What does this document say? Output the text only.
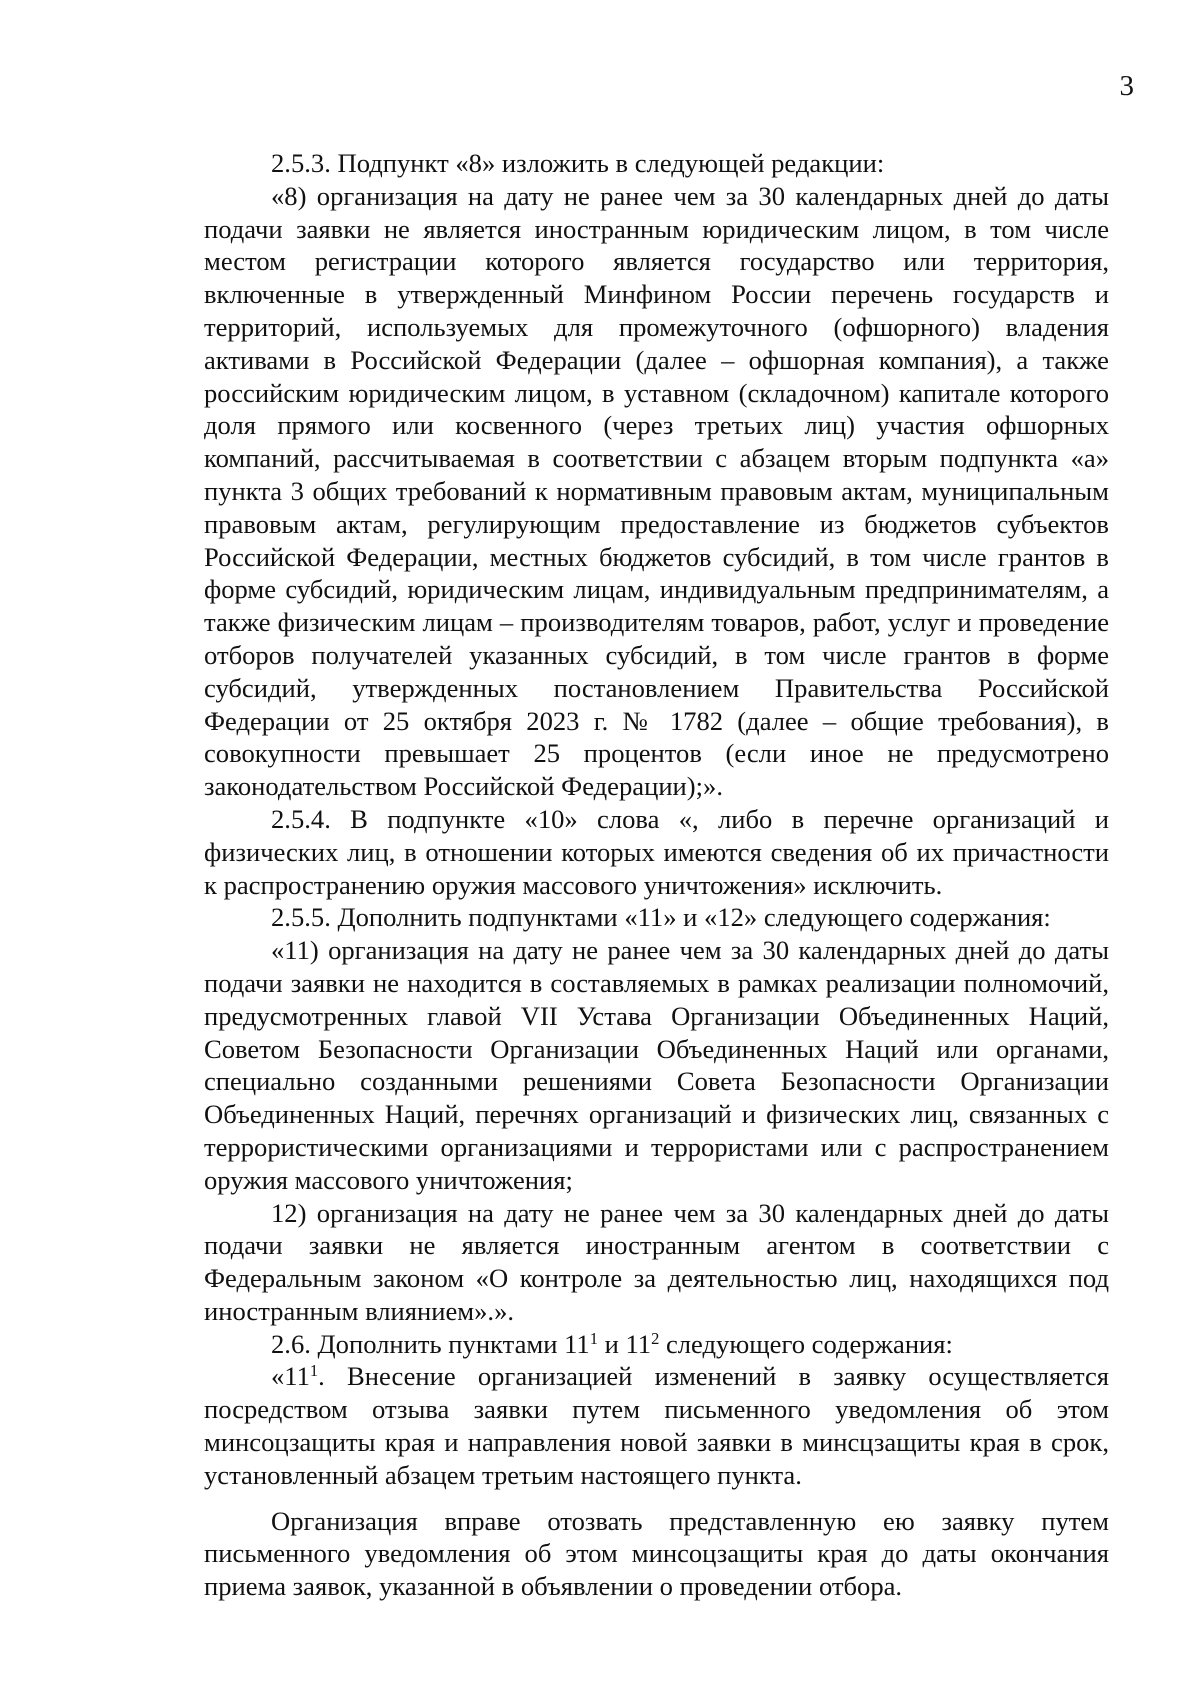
3

2.5.3. Подпункт «8» изложить в следующей редакции:

«8) организация на дату не ранее чем за 30 календарных дней до даты подачи заявки не является иностранным юридическим лицом, в том числе местом регистрации которого является государство или территория, включенные в утвержденный Минфином России перечень государств и территорий, используемых для промежуточного (офшорного) владения активами в Российской Федерации (далее – офшорная компания), а также российским юридическим лицом, в уставном (складочном) капитале которого доля прямого или косвенного (через третьих лиц) участия офшорных компаний, рассчитываемая в соответствии с абзацем вторым подпункта «а» пункта 3 общих требований к нормативным правовым актам, муниципальным правовым актам, регулирующим предоставление из бюджетов субъектов Российской Федерации, местных бюджетов субсидий, в том числе грантов в форме субсидий, юридическим лицам, индивидуальным предпринимателям, а также физическим лицам – производителям товаров, работ, услуг и проведение отборов получателей указанных субсидий, в том числе грантов в форме субсидий, утвержденных постановлением Правительства Российской Федерации от 25 октября 2023 г. № 1782 (далее – общие требования), в совокупности превышает 25 процентов (если иное не предусмотрено законодательством Российской Федерации);».

2.5.4. В подпункте «10» слова «, либо в перечне организаций и физических лиц, в отношении которых имеются сведения об их причастности к распространению оружия массового уничтожения» исключить.

2.5.5. Дополнить подпунктами «11» и «12» следующего содержания:

«11) организация на дату не ранее чем за 30 календарных дней до даты подачи заявки не находится в составляемых в рамках реализации полномочий, предусмотренных главой VII Устава Организации Объединенных Наций, Советом Безопасности Организации Объединенных Наций или органами, специально созданными решениями Совета Безопасности Организации Объединенных Наций, перечнях организаций и физических лиц, связанных с террористическими организациями и террористами или с распространением оружия массового уничтожения;

12) организация на дату не ранее чем за 30 календарных дней до даты подачи заявки не является иностранным агентом в соответствии с Федеральным законом «О контроле за деятельностью лиц, находящихся под иностранным влиянием».».

2.6. Дополнить пунктами $11^1$ и $11^2$ следующего содержания:

«$11^1$. Внесение организацией изменений в заявку осуществляется посредством отзыва заявки путем письменного уведомления об этом минсоцзащиты края и направления новой заявки в минсцзащиты края в срок, установленный абзацем третьим настоящего пункта.

Организация вправе отозвать представленную ею заявку путем письменного уведомления об этом минсоцзащиты края до даты окончания приема заявок, указанной в объявлении о проведении отбора.
